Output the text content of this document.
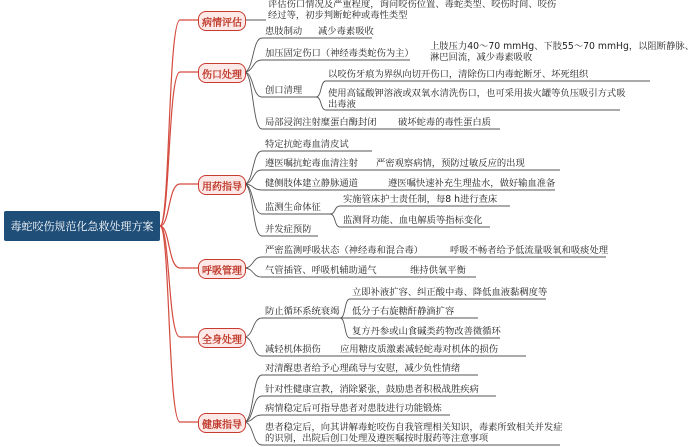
毒蛇咬伤规范化急救处理方案
病情评估
伤口处理
用药指导
呼吸管理
全身处理
健康指导
评估伤口情况及严重程度，询问咬伤位置、毒蛇类型、咬伤时间、咬伤经过等，初步判断蛇种或毒性类型
患肢制动 减少毒素吸收
加压固定伤口（神经毒类蛇伤为主）
上肢压力40～70 mmHg、下肢55～70 mmHg，以阻断静脉、淋巴回流，减少毒素吸收
创口清理
以咬伤牙痕为界纵向切开伤口，清除伤口内毒蛇断牙、坏死组织
使用高锰酸钾溶液或双氧水清洗伤口，也可采用拔火罐等负压吸引方式吸出毒液
局部浸润注射糜蛋白酶封闭 破坏蛇毒的毒性蛋白质
特定抗蛇毒血清皮试
遵医嘱抗蛇毒血清注射 严密观察病情，预防过敏反应的出现
健侧肢体建立静脉通道	遵医嘱快速补充生理盐水，做好输血准备
监测生命体征
实施管床护士责任制，每8 h进行查床
监测肾功能、血电解质等指标变化
并发症预防
严密监测呼吸状态（神经毒和混合毒）	呼吸不畅者给予低流量吸氧和吸痰处理
气管插管、呼吸机辅助通气	维持供氧平衡
防止循环系统衰竭
立即补液扩容、纠正酸中毒、降低血液黏稠度等
低分子右旋糖酐静滴扩容
复方丹参或山食碱类药物改善微循环
减轻机体损伤 应用糖皮质激素减轻蛇毒对机体的损伤
对清醒患者给予心理疏导与安慰，减少负性情绪
针对性健康宣教，消除紧张，鼓励患者积极战胜疾病
病情稳定后可指导患者对患肢进行功能锻炼
患者稳定后，向其讲解毒蛇咬伤自我管理相关知识，毒素所致相关并发症的识别，出院后创口处理及遵医嘱按时服药等注意事项
